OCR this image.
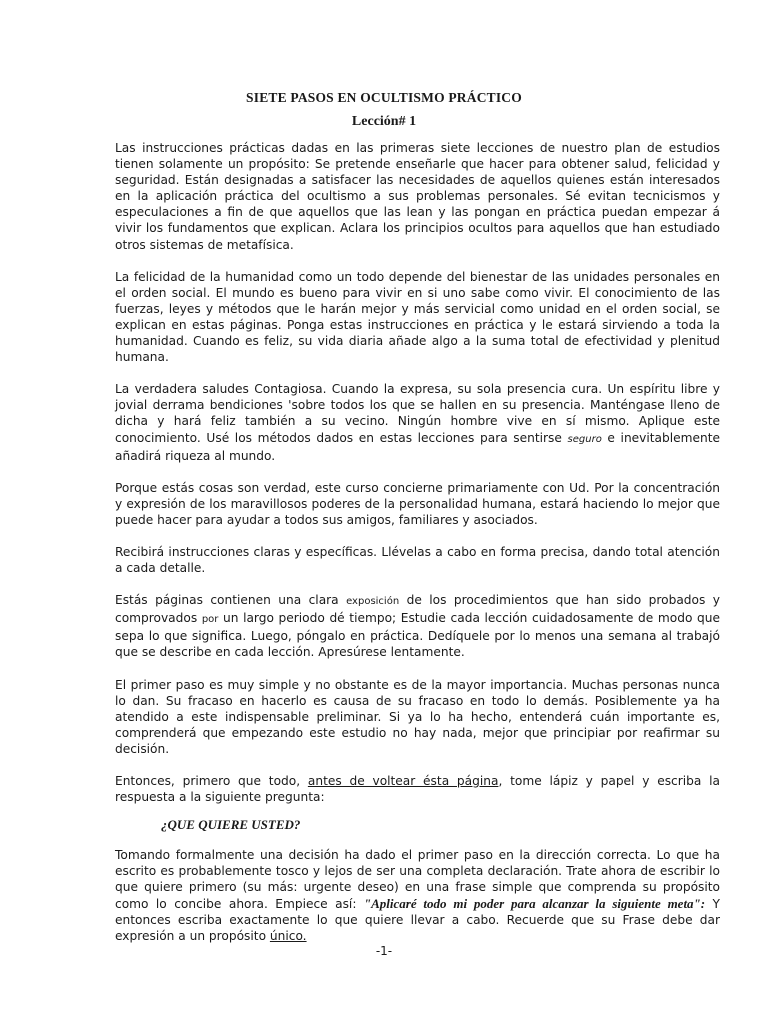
SIETE PASOS EN OCULTISMO PRÁCTICO
Lección# 1

Las instrucciones prácticas dadas en las primeras siete lecciones de nuestro plan de estudios tienen solamente un propósito: Se pretende enseñarle que hacer para obtener salud, felicidad y seguridad. Están designadas a satisfacer las necesidades de aquellos quienes están interesados en la aplicación práctica del ocultismo a sus problemas personales. Sé evitan tecnicismos y especulaciones a fin de que aquellos que las lean y las pongan en práctica puedan empezar á vivir los fundamentos que explican. Aclara los principios ocultos para aquellos que han estudiado otros sistemas de metafísica.

La felicidad de la humanidad como un todo depende del bienestar de las unidades personales en el orden social. El mundo es bueno para vivir en si uno sabe como vivir. El conocimiento de las fuerzas, leyes y métodos que le harán mejor y más servicial como unidad en el orden social, se explican en estas páginas. Ponga estas instrucciones en práctica y le estará sirviendo a toda la humanidad. Cuando es feliz, su vida diaria añade algo a la suma total de efectividad y plenitud humana.

La verdadera saludes Contagiosa. Cuando la expresa, su sola presencia cura. Un espíritu libre y jovial derrama bendiciones 'sobre todos los que se hallen en su presencia. Manténgase lleno de dicha y hará feliz también a su vecino. Ningún hombre vive en sí mismo. Aplique este conocimiento. Usé los métodos dados en estas lecciones para sentirse seguro e inevitablemente añadirá riqueza al mundo.

Porque estás cosas son verdad, este curso concierne primariamente con Ud. Por la concentración y expresión de los maravillosos poderes de la personalidad humana, estará haciendo lo mejor que puede hacer para ayudar a todos sus amigos, familiares y asociados.

Recibirá instrucciones claras y específicas. Llévelas a cabo en forma precisa, dando total atención a cada detalle.

Estás páginas contienen una clara exposición de los procedimientos que han sido probados y comprovados por un largo periodo dé tiempo; Estudie cada lección cuidadosamente de modo que sepa lo que significa. Luego, póngalo en práctica. Dedíquele por lo menos una semana al trabajó que se describe en cada lección. Apresúrese lentamente.

El primer paso es muy simple y no obstante es de la mayor importancia. Muchas personas nunca lo dan. Su fracaso en hacerlo es causa de su fracaso en todo lo demás. Posiblemente ya ha atendido a este indispensable preliminar. Si ya lo ha hecho, entenderá cuán importante es, comprenderá que empezando este estudio no hay nada, mejor que principiar por reafirmar su decisión.

Entonces, primero que todo, antes de voltear ésta página, tome lápiz y papel y escriba la respuesta a la siguiente pregunta:

¿QUE QUIERE USTED?

Tomando formalmente una decisión ha dado el primer paso en la dirección correcta. Lo que ha escrito es probablemente tosco y lejos de ser una completa declaración. Trate ahora de escribir lo que quiere primero (su más: urgente deseo) en una frase simple que comprenda su propósito como lo concibe ahora. Empiece así: "Aplicaré todo mi poder para alcanzar la siguiente meta": Y entonces escriba exactamente lo que quiere llevar a cabo. Recuerde que su Frase debe dar expresión a un propósito único.

-1-
